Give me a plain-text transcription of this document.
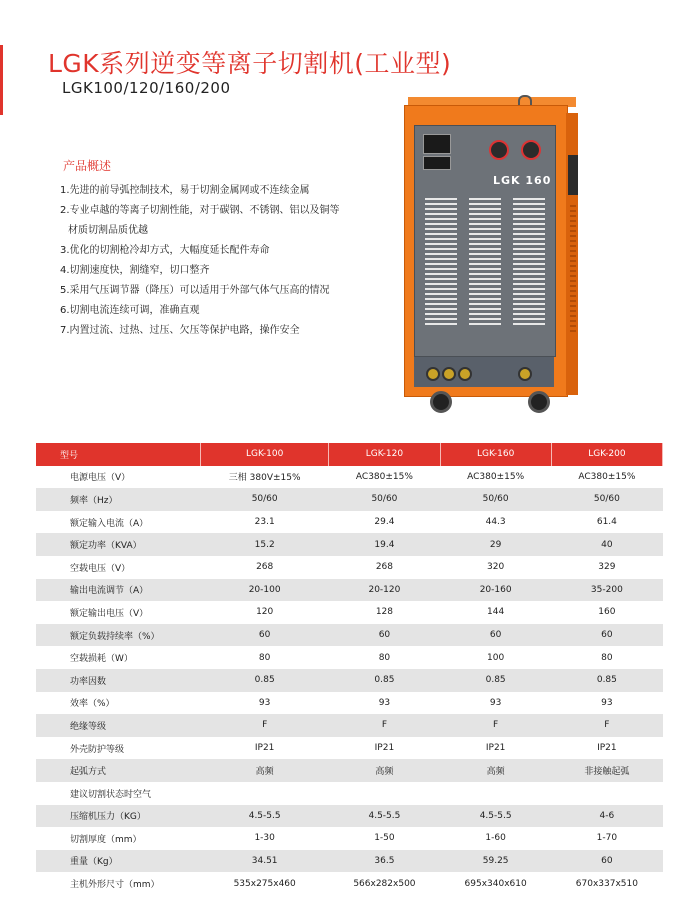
LGK系列逆变等离子切割机(工业型)
LGK100/120/160/200
产品概述
1.先进的前导弧控制技术，易于切割金属网或不连续金属
2.专业卓越的等离子切割性能，对于碳钢、不锈钢、铝以及铜等
材质切割品质优越
3.优化的切割枪冷却方式，大幅度延长配件寿命
4.切割速度快，割缝窄，切口整齐
5.采用气压调节器（降压）可以适用于外部气体气压高的情况
6.切割电流连续可调，准确直观
7.内置过流、过热、过压、欠压等保护电路，操作安全
LGK 160
型号	LGK-100	LGK-120	LGK-160	LGK-200
电源电压（V）	三相 380V±15%	AC380±15%	AC380±15%	AC380±15%
频率（Hz）	50/60	50/60	50/60	50/60
额定输入电流（A）	23.1	29.4	44.3	61.4
额定功率（KVA）	15.2	19.4	29	40
空载电压（V）	268	268	320	329
输出电流调节（A）	20-100	20-120	20-160	35-200
额定输出电压（V）	120	128	144	160
额定负载持续率（%）	60	60	60	60
空载损耗（W）	80	80	100	80
功率因数	0.85	0.85	0.85	0.85
效率（%）	93	93	93	93
绝缘等级	F	F	F	F
外壳防护等级	IP21	IP21	IP21	IP21
起弧方式	高频	高频	高频	非接触起弧
建议切割状态时空气				
压缩机压力（KG）	4.5-5.5	4.5-5.5	4.5-5.5	4-6
切割厚度（mm）	1-30	1-50	1-60	1-70
重量（Kg）	34.51	36.5	59.25	60
主机外形尺寸（mm）	535x275x460	566x282x500	695x340x610	670x337x510
